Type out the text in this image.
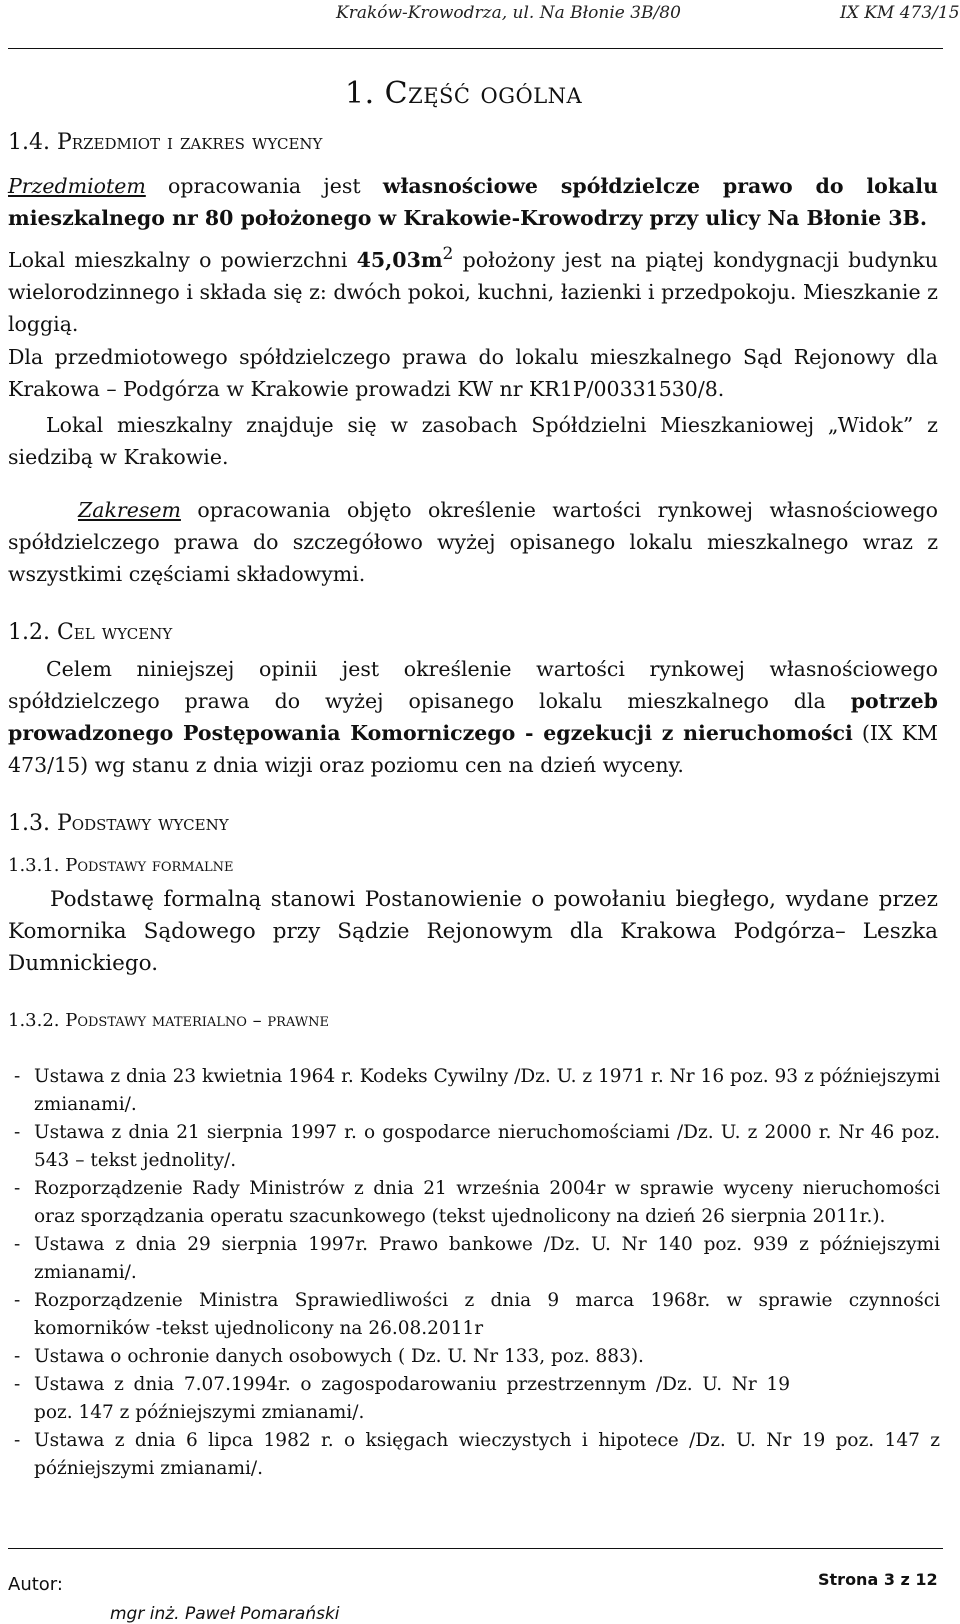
Kraków-Krowodrza, ul. Na Błonie 3B/80	IX KM 473/15
1. Część ogólna
1.4. Przedmiot i zakres wyceny
Przedmiotem opracowania jest własnościowe spółdzielcze prawo do lokalu mieszkalnego nr 80 położonego w Krakowie-Krowodrzy przy ulicy Na Błonie 3B.
Lokal mieszkalny o powierzchni $45,03m^2$ położony jest na piątej kondygnacji budynku wielorodzinnego i składa się z: dwóch pokoi, kuchni, łazienki i przedpokoju. Mieszkanie z loggią.
Dla przedmiotowego spółdzielczego prawa do lokalu mieszkalnego Sąd Rejonowy dla Krakowa – Podgórza w Krakowie prowadzi KW nr KR1P/00331530/8.
Lokal mieszkalny znajduje się w zasobach Spółdzielni Mieszkaniowej „Widok” z siedzibą w Krakowie.
Zakresem opracowania objęto określenie wartości rynkowej własnościowego spółdzielczego prawa do szczegółowo wyżej opisanego lokalu mieszkalnego wraz z wszystkimi częściami składowymi.
1.2. Cel wyceny
Celem niniejszej opinii jest określenie wartości rynkowej własnościowego spółdzielczego prawa do wyżej opisanego lokalu mieszkalnego dla potrzeb prowadzonego Postępowania Komorniczego - egzekucji z nieruchomości (IX KM 473/15) wg stanu z dnia wizji oraz poziomu cen na dzień wyceny.
1.3. Podstawy wyceny
1.3.1. Podstawy formalne
Podstawę formalną stanowi Postanowienie o powołaniu biegłego, wydane przez Komornika Sądowego przy Sądzie Rejonowym dla Krakowa Podgórza– Leszka Dumnickiego.
1.3.2. Podstawy materialno – prawne
- Ustawa z dnia 23 kwietnia 1964 r. Kodeks Cywilny /Dz. U. z 1971 r. Nr 16 poz. 93 z późniejszymi zmianami/.
- Ustawa z dnia 21 sierpnia 1997 r. o gospodarce nieruchomościami /Dz. U. z 2000 r. Nr 46 poz. 543 – tekst jednolity/.
- Rozporządzenie Rady Ministrów z dnia 21 września 2004r w sprawie wyceny nieruchomości oraz sporządzania operatu szacunkowego (tekst ujednolicony na dzień 26 sierpnia 2011r.).
- Ustawa z dnia 29 sierpnia 1997r. Prawo bankowe /Dz. U. Nr 140 poz. 939 z późniejszymi zmianami/.
- Rozporządzenie Ministra Sprawiedliwości z dnia 9 marca 1968r. w sprawie czynności komorników -tekst ujednolicony na 26.08.2011r
- Ustawa o ochronie danych osobowych ( Dz. U. Nr 133, poz. 883).
- Ustawa z dnia 7.07.1994r. o zagospodarowaniu przestrzennym /Dz. U. Nr 19 poz. 147 z późniejszymi zmianami/.
- Ustawa z dnia 6 lipca 1982 r. o księgach wieczystych i hipotece /Dz. U. Nr 19 poz. 147 z późniejszymi zmianami/.
Autor:
mgr inż. Paweł Pomarański
Strona 3 z 12
